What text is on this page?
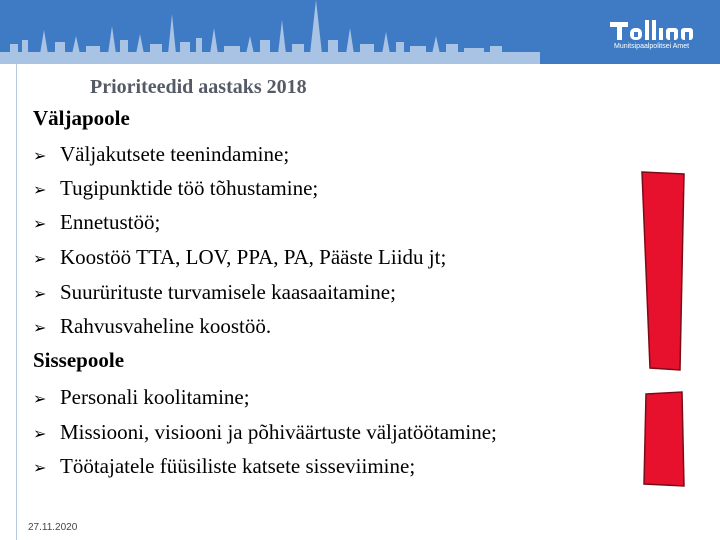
Munitsipaalpolitsei Amet
Prioriteedid aastaks 2018
Väljapoole
➢ Väljakutsete teenindamine;
➢ Tugipunktide töö tõhustamine;
➢ Ennetustöö;
➢ Koostöö TTA, LOV, PPA, PA, Pääste Liidu jt;
➢ Suurürituste turvamisele kaasaaitamine;
➢ Rahvusvaheline koostöö.
Sissepoole
➢ Personali koolitamine;
➢ Missiooni, visiooni ja põhiväärtuste väljatöötamine;
➢ Töötajatele füüsiliste katsete sisseviimine;
27.11.2020
